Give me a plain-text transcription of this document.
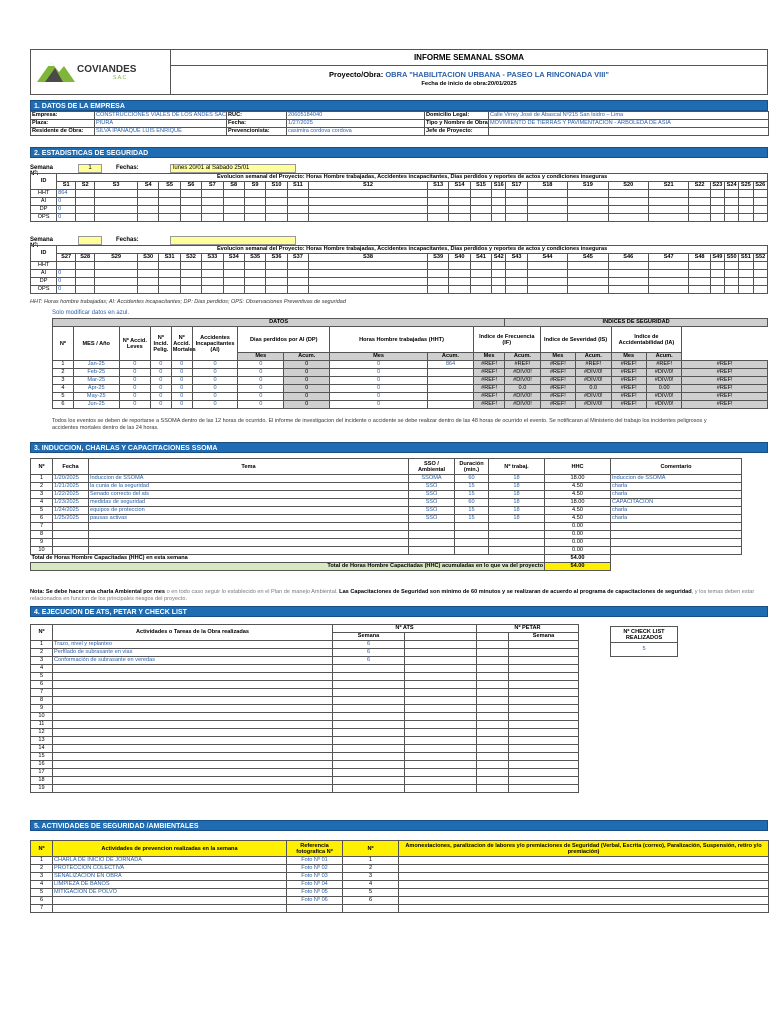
COVIANDES
S.A.C
INFORME SEMANAL SSOMA
Proyecto/Obra: OBRA "HABILITACION URBANA - PASEO LA RINCONADA VIII"
Fecha de inicio de obra:20/01/2025
1. DATOS DE LA EMPRESA
Empresa:	CONSTRUCCIONES VIALES DE LOS ANDES SAC	RUC:	20605184040	Domicilio Legal:	Calle Virrey José de Abascal Nº215 San Isidro – Lima
Plaza:	PIURA	Fecha:	1/27/2025	Tipo y Nombre de Obra	MOVIMIENTO DE TIERRAS Y PAVIMENTACION - ARBOLEDA DE ASIA
Residente de Obra:	SILVA IPANAQUE LUIS ENRIQUE	Prevencionista:	casimira cordova cordova	Jefe de Proyecto:	
2. ESTADISTICAS DE SEGURIDAD
Semana Nº:
1	Fechas:	lunes 20/01 al Sábado 25/01
ID	Evolucion semanal del Proyecto: Horas Hombre trabajadas, Accidentes incapacitantes, Dias perdidos y reportes de actos y condiciones inseguras																									
	S1	S2	S3	S4	S5	S6	S7	S8	S9	S10	S11	S12	S13	S14	S15	S16	S17	S18	S19	S20	S21	S22	S23	S24	S25	S26
HHT	864																									
AI	0																									
DP	0																									
OPS	0																									
Semana Nº:
Fechas:
ID	Evolucion semanal del Proyecto: Horas Hombre trabajadas, Accidentes incapacitantes, Dias perdidos y reportes de actos y condiciones inseguras																									
	S27	S28	S29	S30	S31	S32	S33	S34	S35	S36	S37	S38	S39	S40	S41	S42	S43	S44	S45	S46	S47	S48	S49	S50	S51	S52
HHT																										
AI	0																									
DP	0																									
OPS	0																									
HHT: Horas hombre trabajadas; AI: Accidentes incapacitantes; DP: Dias perdidos; OPS: Observaciones Preventivas de seguridad
Solo modificar datos en azul.
DATOS											INDICES DE SEGURIDAD					
Nº	MES / Año	Nº Accid. Leves	Nº Incid. Pelig.	Nº Accid. Mortales	Accidentes Incapacitantes (AI)	Dias perdidos por AI (DP)		Horas Hombre trabajadas (HHT)		Indice de Frecuencia (IF)		Indice de Severidad (IS)		Indice de Accidentabilidad (IA)		
						Mes	Acum.	Mes	Acum.	Mes	Acum.	Mes	Acum.	Mes	Acum.	
1	Jan-25	0	0	0	0	0	0	0	864	#REF!	#REF!	#REF!	#REF!	#REF!	#REF!	#REF!
2	Feb-25	0	0	0	0	0	0	0		#REF!	#DIV/0!	#REF!	#DIV/0!	#REF!	#DIV/0!	#REF!
3	Mar-25	0	0	0	0	0	0	0		#REF!	#DIV/0!	#REF!	#DIV/0!	#REF!	#DIV/0!	#REF!
4	Apr-25	0	0	0	0	0	0	0		#REF!	0.0	#REF!	0.0	#REF!	0.00	#REF!
5	May-25	0	0	0	0	0	0	0		#REF!	#DIV/0!	#REF!	#DIV/0!	#REF!	#DIV/0!	#REF!
6	Jun-25	0	0	0	0	0	0	0		#REF!	#DIV/0!	#REF!	#DIV/0!	#REF!	#DIV/0!	#REF!
Todos los eventos se deben de reportarse a SSOMA dentro de las 12 horas de ocurrido. El informe de investigacion del incidente o accidente se debe realizar dentro de las 48 horas de ocurrido el evento. Se notificaran al Ministerio del trabajo los incidentes peligrosos y accidentes mortales dentro de las 24 horas.
3. INDUCCION, CHARLAS Y CAPACITACIONES SSOMA
Nº	Fecha	Tema	SSO / Ambiental	Duración (min.)	Nº trabaj.	HHC	Comentario
1	1/20/2025	Induccion de SSOMA	SSOMA	60	18	18.00	Induccion de SSOMA
2	1/21/2025	la cunia de la seguridad	SSO	15	18	4.50	charla
3	1/22/2025	Senado correcto del ats	SSO	15	18	4.50	charla
4	1/23/2025	medidas de seguridad	SSO	60	18	18.00	CAPACITACION
5	1/24/2025	equipos de proteccion	SSO	15	18	4.50	charla
6	1/25/2025	pausas activas	SSO	15	18	4.50	charla
7						0.00	
8						0.00	
9						0.00	
10						0.00	
Total de Horas Hombre Capacitadas (HHC) en esta semana						54.00	
Total de Horas Hombre Capacitadas (HHC) acumuladas en lo que va del proyecto						54.00	
Nota: Se debe hacer una charla Ambiental por mes o en todo caso seguir lo establecido en el Plan de manejo Ambiental. Las Capacitaciones de Seguridad son minimo de 60 minutos y se realizaran de acuerdo al programa de capacitaciones de seguridad, y los temas deben estar relacionados en funcion de los principales riesgos del proyecto.
4. EJECUCION DE ATS, PETAR Y CHECK LIST
Nº	Actividades o Tareas de la Obra realizadas	Nº ATS		Nº PETAR	
		Semana			Semana
1	Trazo, nivel y replanteo	6			
2	Perfilado de subrasante en vias	6			
3	Conformación de subrasante en veredas	6			
4					
5					
6					
7					
8					
9					
10					
11					
12					
13					
14					
15					
16					
17					
18					
19					
Nº CHECK LIST REALIZADOS
5
5. ACTIVIDADES DE SEGURIDAD /AMBIENTALES
Nº	Actividades de prevencion realizadas en la semana	Referencia fotografica Nº	Nº	Amonestaciones, paralizacion de labores y/o premiaciones de Seguridad (Verbal, Escrita (correo), Paralización, Suspensión, retiro y/o premiación)
1	CHARLA DE INICIO DE JORNADA	Foto Nº 01	1	
2	PROTECCION COLECTIVA	Foto Nº 02	2	
3	SEÑALIZACION EN OBRA	Foto Nº 03	3	
4	LIMPIEZA DE BAÑOS	Foto Nº 04	4	
5	MITIGACION DE POLVO	Foto Nº 05	5	
6		Foto Nº 06	6	
7				
